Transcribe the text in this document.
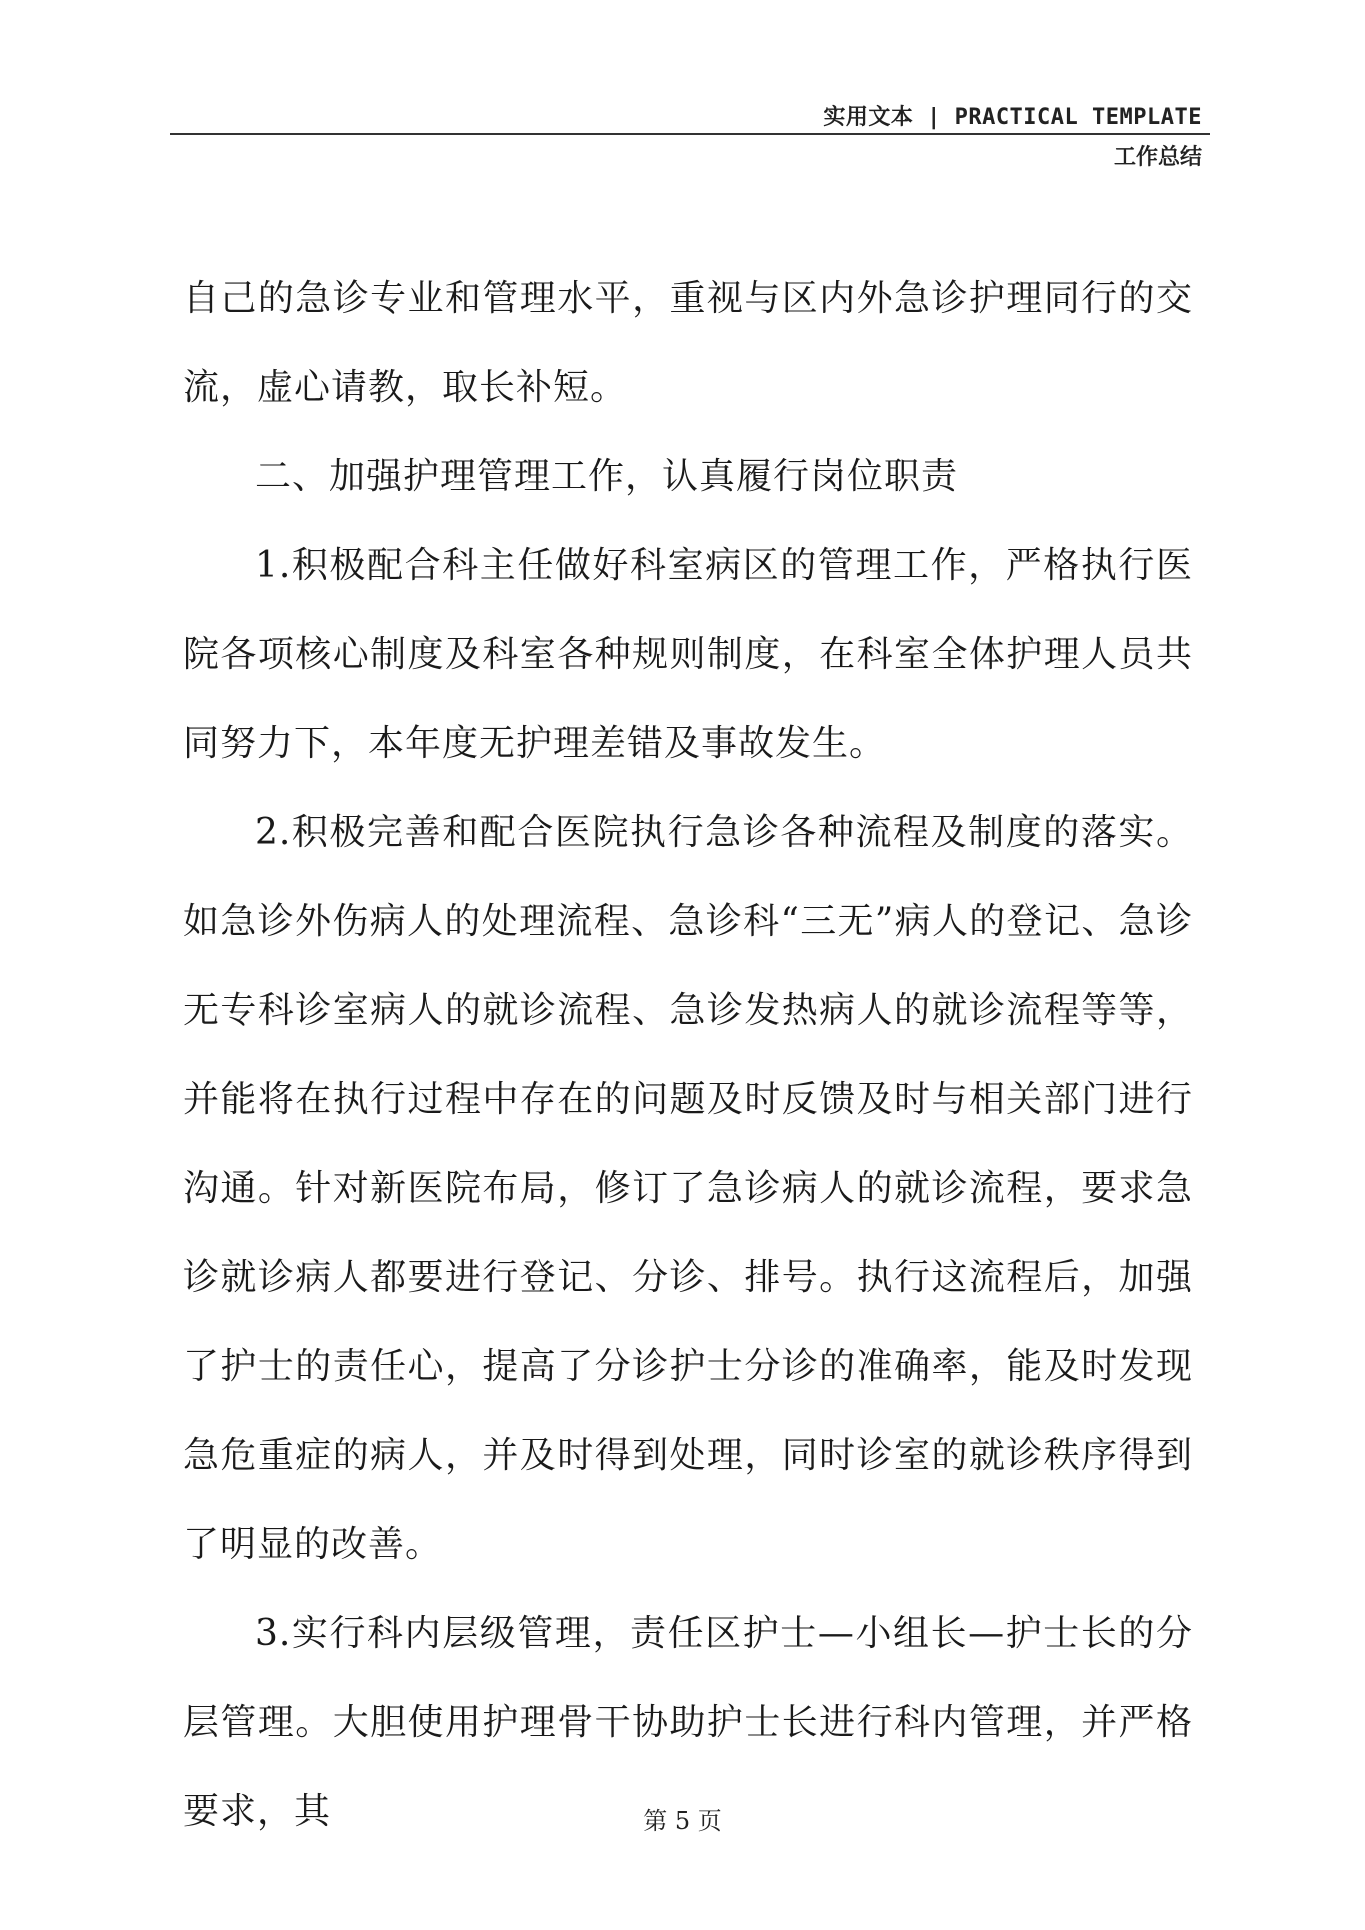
实用文本 | PRACTICAL TEMPLATE
工作总结

自己的急诊专业和管理水平，重视与区内外急诊护理同行的交流，虚心请教，取长补短。

二、加强护理管理工作，认真履行岗位职责

1.积极配合科主任做好科室病区的管理工作，严格执行医院各项核心制度及科室各种规则制度，在科室全体护理人员共同努力下，本年度无护理差错及事故发生。

2.积极完善和配合医院执行急诊各种流程及制度的落实。如急诊外伤病人的处理流程、急诊科“三无”病人的登记、急诊无专科诊室病人的就诊流程、急诊发热病人的就诊流程等等，并能将在执行过程中存在的问题及时反馈及时与相关部门进行沟通。针对新医院布局，修订了急诊病人的就诊流程，要求急诊就诊病人都要进行登记、分诊、排号。执行这流程后，加强了护士的责任心，提高了分诊护士分诊的准确率，能及时发现急危重症的病人，并及时得到处理，同时诊室的就诊秩序得到了明显的改善。

3.实行科内层级管理，责任区护士—小组长—护士长的分层管理。大胆使用护理骨干协助护士长进行科内管理，并严格要求，其	第 5 页
